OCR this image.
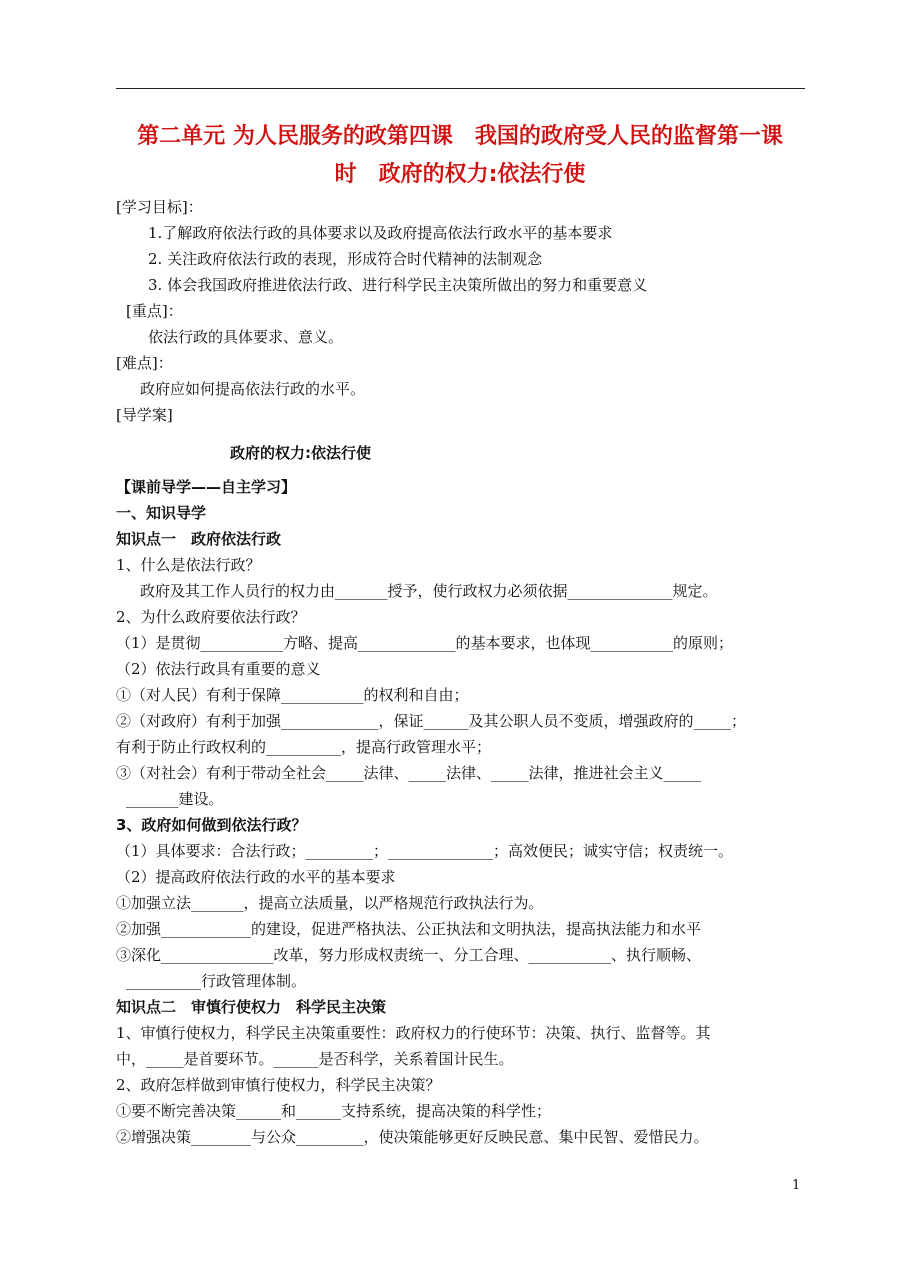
第二单元 为人民服务的政第四课　我国的政府受人民的监督第一课
时　政府的权力:依法行使
[学习目标]：
1.了解政府依法行政的具体要求以及政府提高依法行政水平的基本要求
2. 关注政府依法行政的表现，形成符合时代精神的法制观念
3. 体会我国政府推进依法行政、进行科学民主决策所做出的努力和重要意义
[重点]：
依法行政的具体要求、意义。
[难点]：
政府应如何提高依法行政的水平。
[导学案]
政府的权力:依法行使
【课前导学——自主学习】
一、知识导学
知识点一　政府依法行政
1、什么是依法行政？
政府及其工作人员行的权力由_______授予，使行政权力必须依据______________规定。
2、为什么政府要依法行政？
（1）是贯彻___________方略、提高_____________的基本要求，也体现___________的原则；
（2）依法行政具有重要的意义
①（对人民）有利于保障___________的权利和自由；
②（对政府）有利于加强_____________，保证______及其公职人员不变质，增强政府的_____；
有利于防止行政权利的__________，提高行政管理水平；
③（对社会）有利于带动全社会_____法律、_____法律、_____法律，推进社会主义_____
_______建设。
3、政府如何做到依法行政？
（1）具体要求：合法行政；_________；______________；高效便民；诚实守信；权责统一。
（2）提高政府依法行政的水平的基本要求
①加强立法_______，提高立法质量，以严格规范行政执法行为。
②加强____________的建设，促进严格执法、公正执法和文明执法，提高执法能力和水平
③深化_______________改革，努力形成权责统一、分工合理、___________、执行顺畅、
__________行政管理体制。
知识点二　审慎行使权力　科学民主决策
1、审慎行使权力，科学民主决策重要性：政府权力的行使环节：决策、执行、监督等。其
中，_____是首要环节。______是否科学，关系着国计民生。
2、政府怎样做到审慎行使权力，科学民主决策？
①要不断完善决策______和______支持系统，提高决策的科学性；
②增强决策________与公众_________，使决策能够更好反映民意、集中民智、爱惜民力。
1
